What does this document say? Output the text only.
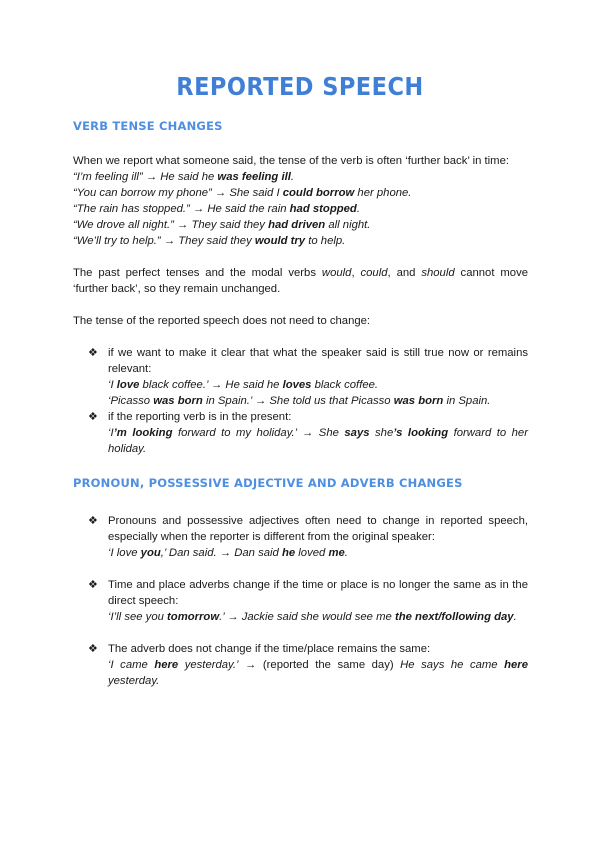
REPORTED SPEECH
VERB TENSE CHANGES

When we report what someone said, the tense of the verb is often ‘further back’ in time:

“I’m feeling ill” → He said he was feeling ill.

“You can borrow my phone” → She said I could borrow her phone.

“The rain has stopped.” → He said the rain had stopped.

“We drove all night.” → They said they had driven all night.

“We’ll try to help.” → They said they would try to help.

The past perfect tenses and the modal verbs would, could, and should cannot move ‘further back’, so they remain unchanged.

The tense of the reported speech does not need to change:

❖ if we want to make it clear that what the speaker said is still true now or remains relevant:
‘I love black coffee.’ → He said he loves black coffee.
‘Picasso was born in Spain.’ → She told us that Picasso was born in Spain.
❖ if the reporting verb is in the present:
‘I’m looking forward to my holiday.’ → She says she’s looking forward to her holiday.
PRONOUN, POSSESSIVE ADJECTIVE AND ADVERB CHANGES
❖ Pronouns and possessive adjectives often need to change in reported speech, especially when the reporter is different from the original speaker:
‘I love you,’ Dan said. → Dan said he loved me.
❖ Time and place adverbs change if the time or place is no longer the same as in the direct speech:
‘I’ll see you tomorrow.’ → Jackie said she would see me the next/following day.
❖ The adverb does not change if the time/place remains the same:
‘I came here yesterday.’ → (reported the same day) He says he came here yesterday.
